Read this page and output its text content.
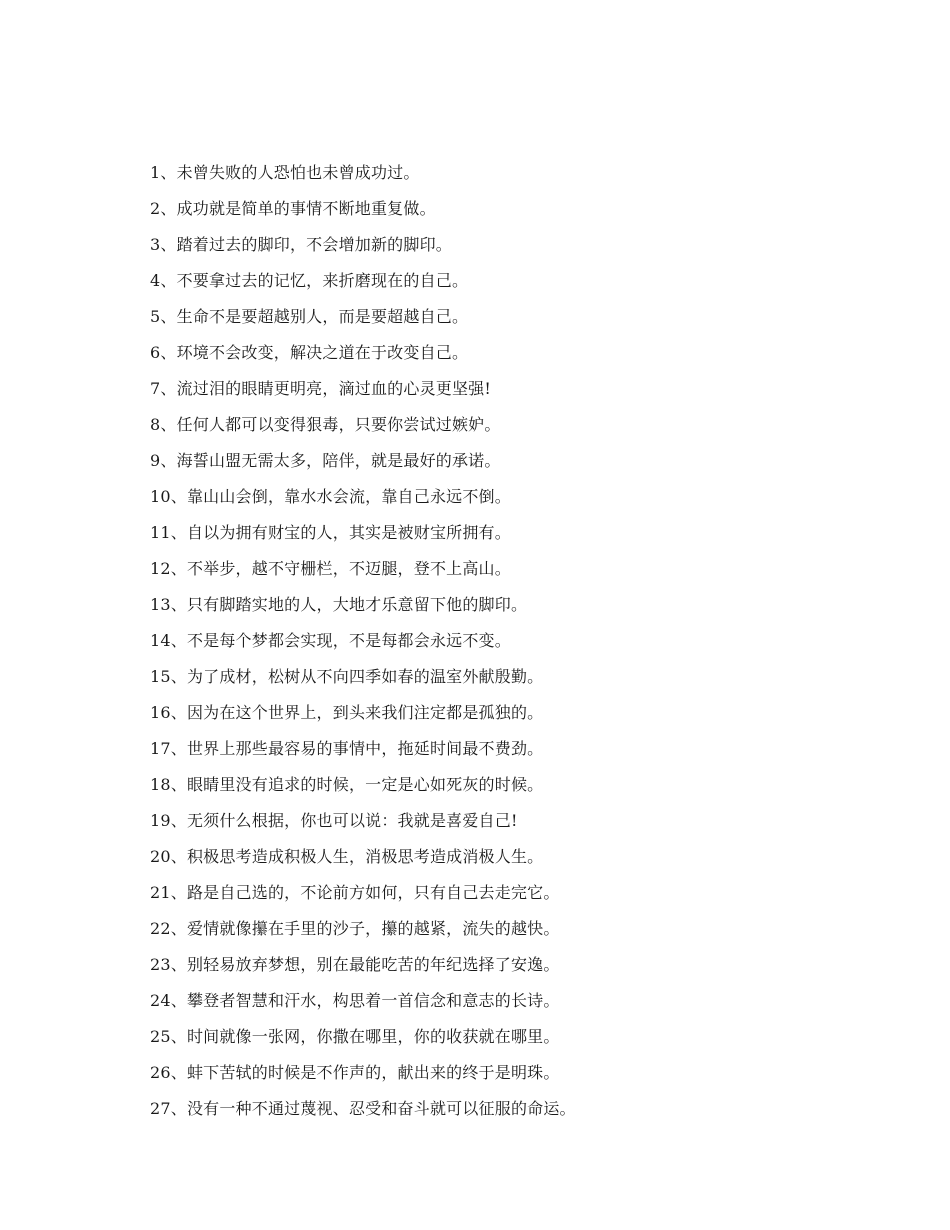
1、未曾失败的人恐怕也未曾成功过。
2、成功就是简单的事情不断地重复做。
3、踏着过去的脚印，不会增加新的脚印。
4、不要拿过去的记忆，来折磨现在的自己。
5、生命不是要超越别人，而是要超越自己。
6、环境不会改变，解决之道在于改变自己。
7、流过泪的眼睛更明亮，滴过血的心灵更坚强!
8、任何人都可以变得狠毒，只要你尝试过嫉妒。
9、海誓山盟无需太多，陪伴，就是最好的承诺。
10、靠山山会倒，靠水水会流，靠自己永远不倒。
11、自以为拥有财宝的人，其实是被财宝所拥有。
12、不举步，越不守栅栏，不迈腿，登不上高山。
13、只有脚踏实地的人，大地才乐意留下他的脚印。
14、不是每个梦都会实现，不是每都会永远不变。
15、为了成材，松树从不向四季如春的温室外献殷勤。
16、因为在这个世界上，到头来我们注定都是孤独的。
17、世界上那些最容易的事情中，拖延时间最不费劲。
18、眼睛里没有追求的时候，一定是心如死灰的时候。
19、无须什么根据，你也可以说：我就是喜爱自己!
20、积极思考造成积极人生，消极思考造成消极人生。
21、路是自己选的，不论前方如何，只有自己去走完它。
22、爱情就像攥在手里的沙子，攥的越紧，流失的越快。
23、别轻易放弃梦想，别在最能吃苦的年纪选择了安逸。
24、攀登者智慧和汗水，构思着一首信念和意志的长诗。
25、时间就像一张网，你撒在哪里，你的收获就在哪里。
26、蚌下苦轼的时候是不作声的，献出来的终于是明珠。
27、没有一种不通过蔑视、忍受和奋斗就可以征服的命运。
